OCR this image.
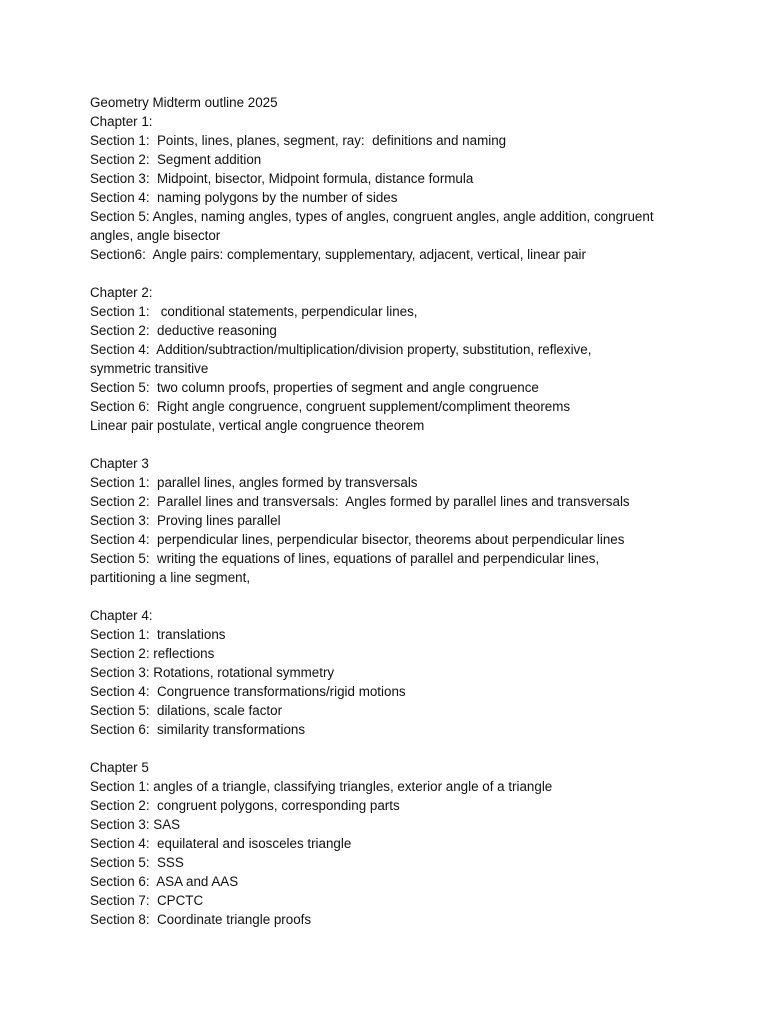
Geometry Midterm outline 2025
Chapter 1:
Section 1:  Points, lines, planes, segment, ray:  definitions and naming
Section 2:  Segment addition
Section 3:  Midpoint, bisector, Midpoint formula, distance formula
Section 4:  naming polygons by the number of sides
Section 5: Angles, naming angles, types of angles, congruent angles, angle addition, congruent
angles, angle bisector
Section6:  Angle pairs: complementary, supplementary, adjacent, vertical, linear pair
Chapter 2:
Section 1:   conditional statements, perpendicular lines,
Section 2:  deductive reasoning
Section 4:  Addition/subtraction/multiplication/division property, substitution, reflexive,
symmetric transitive
Section 5:  two column proofs, properties of segment and angle congruence
Section 6:  Right angle congruence, congruent supplement/compliment theorems
Linear pair postulate, vertical angle congruence theorem
Chapter 3
Section 1:  parallel lines, angles formed by transversals
Section 2:  Parallel lines and transversals:  Angles formed by parallel lines and transversals
Section 3:  Proving lines parallel
Section 4:  perpendicular lines, perpendicular bisector, theorems about perpendicular lines
Section 5:  writing the equations of lines, equations of parallel and perpendicular lines,
partitioning a line segment,
Chapter 4:
Section 1:  translations
Section 2: reflections
Section 3: Rotations, rotational symmetry
Section 4:  Congruence transformations/rigid motions
Section 5:  dilations, scale factor
Section 6:  similarity transformations
Chapter 5
Section 1: angles of a triangle, classifying triangles, exterior angle of a triangle
Section 2:  congruent polygons, corresponding parts
Section 3: SAS
Section 4:  equilateral and isosceles triangle
Section 5:  SSS
Section 6:  ASA and AAS
Section 7:  CPCTC
Section 8:  Coordinate triangle proofs
